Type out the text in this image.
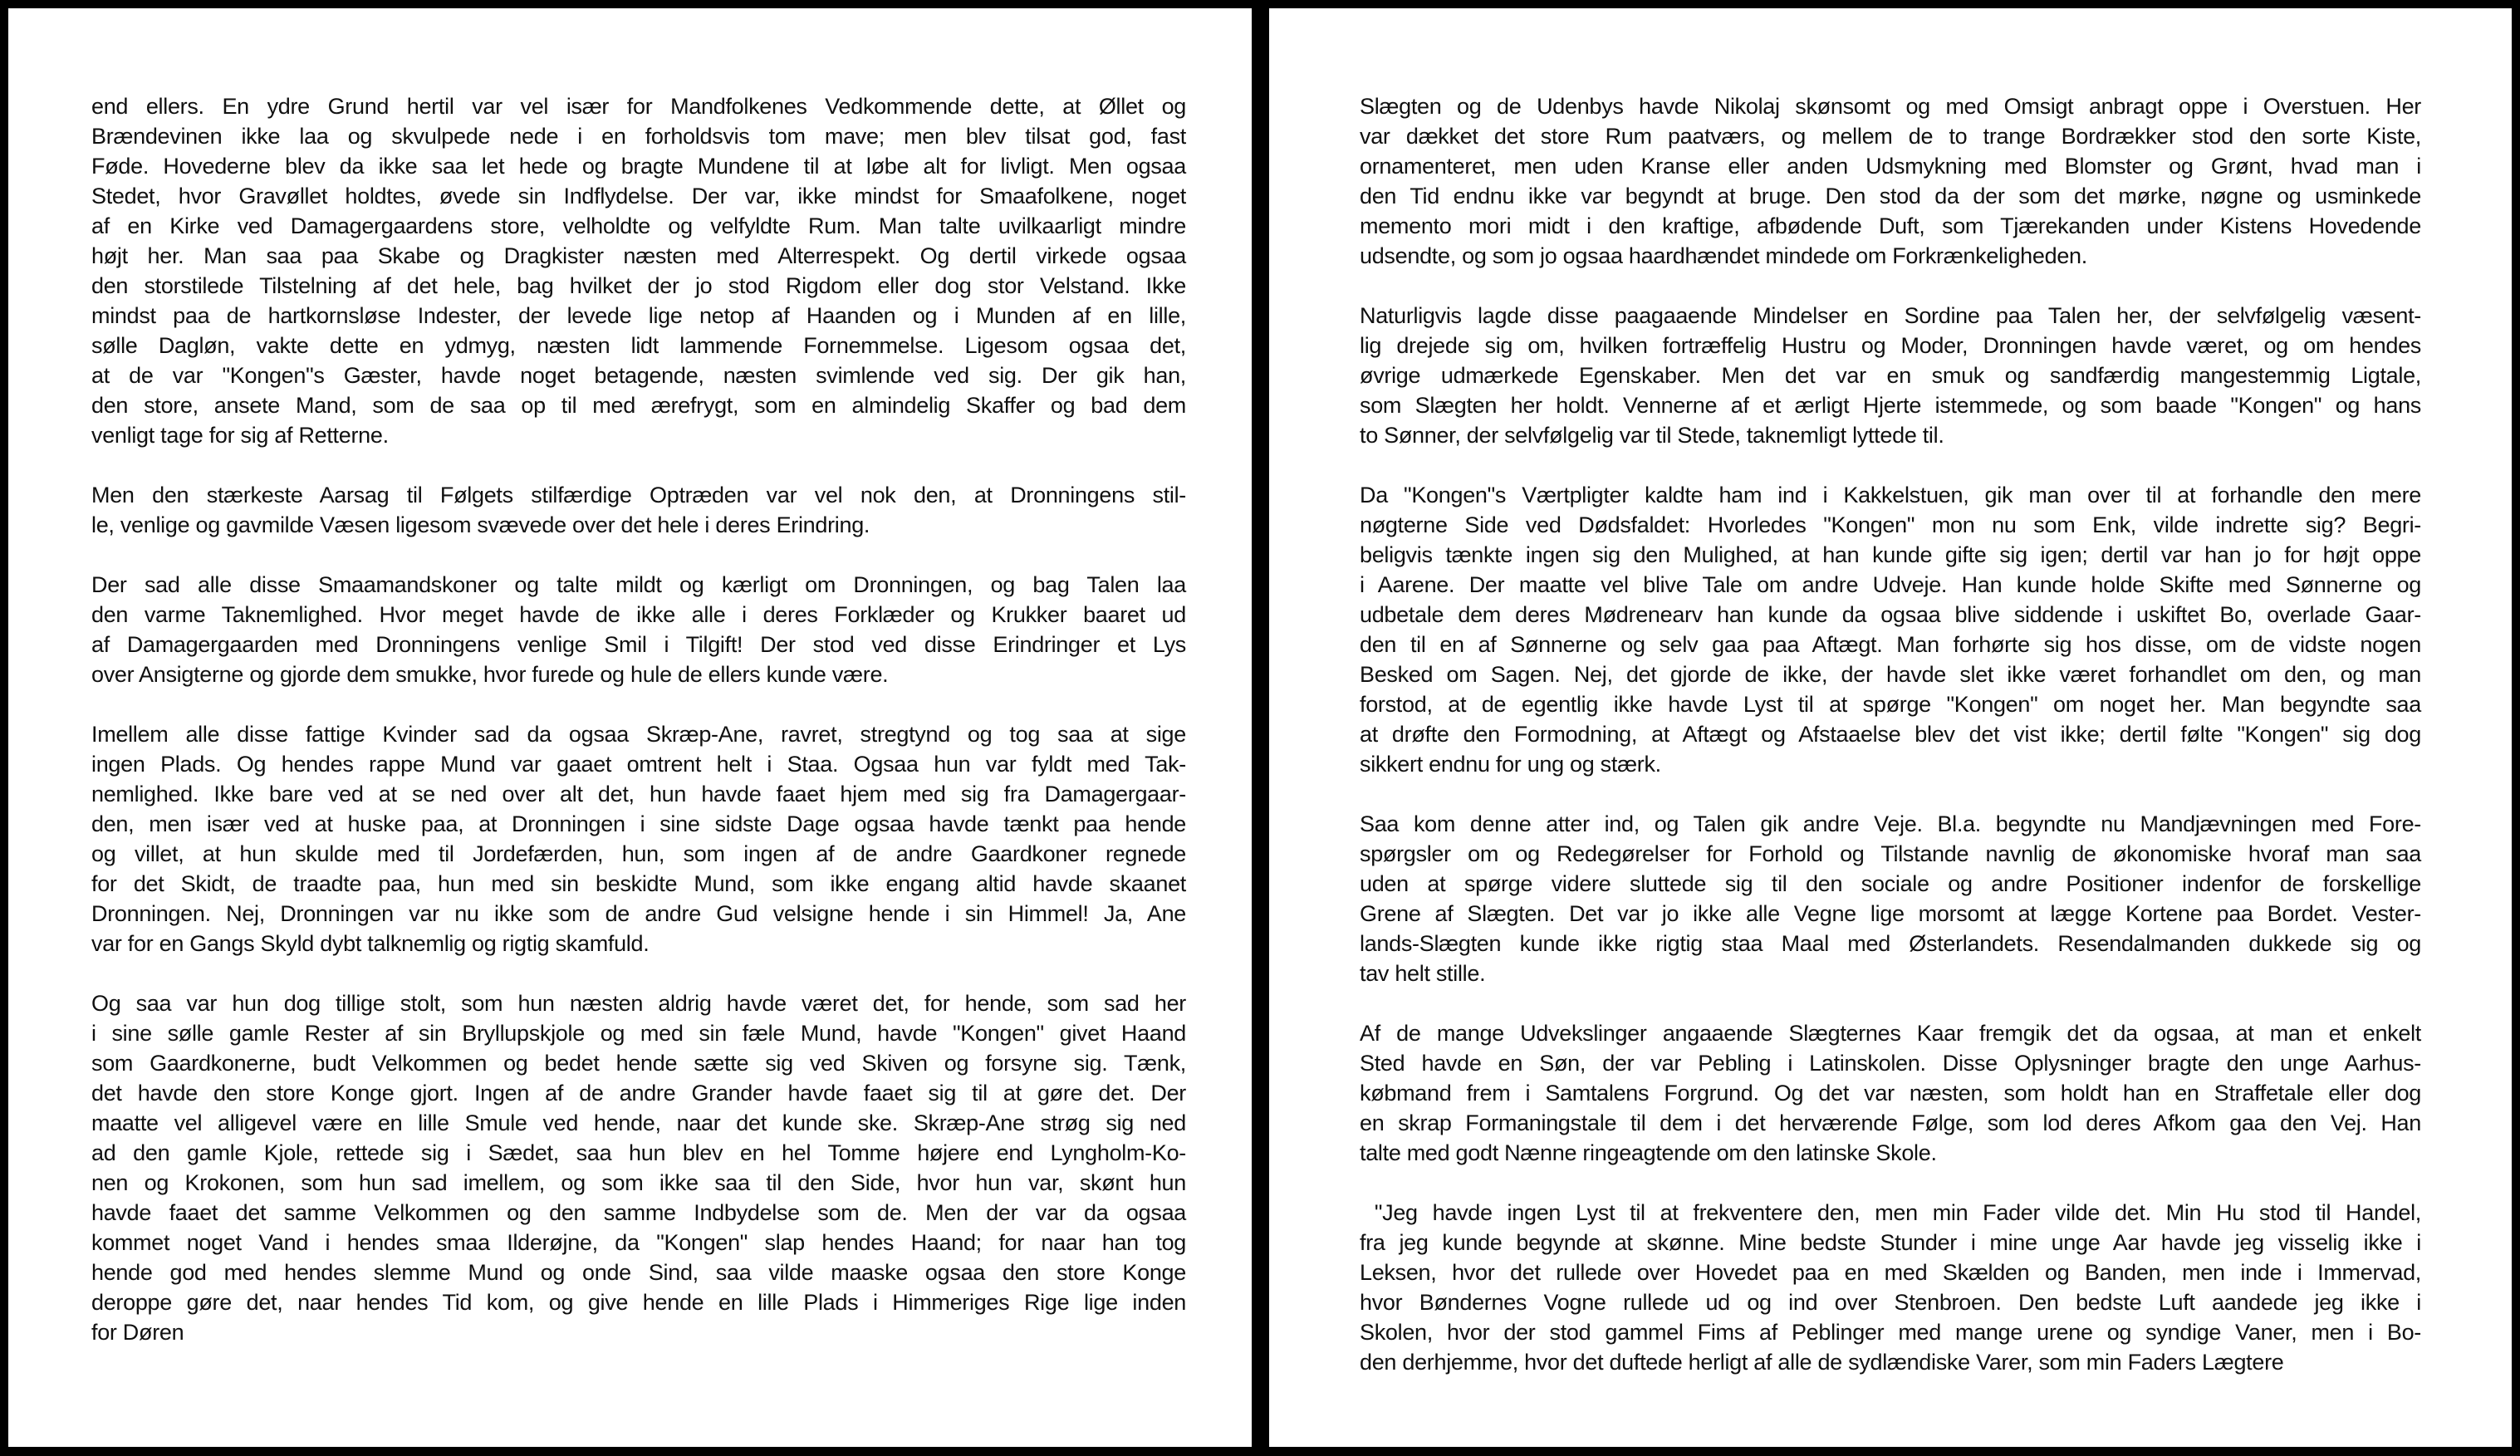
end ellers. En ydre Grund hertil var vel især for Mandfolkenes Vedkommende dette, at Øllet og
Brændevinen ikke laa og skvulpede nede i en forholdsvis tom mave; men blev tilsat god, fast
Føde. Hovederne blev da ikke saa let hede og bragte Mundene til at løbe alt for livligt. Men ogsaa
Stedet, hvor Gravøllet holdtes, øvede sin Indflydelse. Der var, ikke mindst for Smaafolkene, noget
af en Kirke ved Damagergaardens store, velholdte og velfyldte Rum. Man talte uvilkaarligt mindre
højt her. Man saa paa Skabe og Dragkister næsten med Alterrespekt. Og dertil virkede ogsaa
den storstilede Tilstelning af det hele, bag hvilket der jo stod Rigdom eller dog stor Velstand. Ikke
mindst paa de hartkornsløse Indester, der levede lige netop af Haanden og i Munden af en lille,
sølle Dagløn, vakte dette en ydmyg, næsten lidt lammende Fornemmelse. Ligesom ogsaa det,
at de var "Kongen"s Gæster, havde noget betagende, næsten svimlende ved sig. Der gik han,
den store, ansete Mand, som de saa op til med ærefrygt, som en almindelig Skaffer og bad dem
venligt tage for sig af Retterne.
Men den stærkeste Aarsag til Følgets stilfærdige Optræden var vel nok den, at Dronningens stil-
le, venlige og gavmilde Væsen ligesom svævede over det hele i deres Erindring.
Der sad alle disse Smaamandskoner og talte mildt og kærligt om Dronningen, og bag Talen laa
den varme Taknemlighed. Hvor meget havde de ikke alle i deres Forklæder og Krukker baaret ud
af Damagergaarden med Dronningens venlige Smil i Tilgift! Der stod ved disse Erindringer et Lys
over Ansigterne og gjorde dem smukke, hvor furede og hule de ellers kunde være.
Imellem alle disse fattige Kvinder sad da ogsaa Skræp-Ane, ravret, stregtynd og tog saa at sige
ingen Plads. Og hendes rappe Mund var gaaet omtrent helt i Staa. Ogsaa hun var fyldt med Tak-
nemlighed. Ikke bare ved at se ned over alt det, hun havde faaet hjem med sig fra Damagergaar-
den, men især ved at huske paa, at Dronningen i sine sidste Dage ogsaa havde tænkt paa hende
og villet, at hun skulde med til Jordefærden, hun, som ingen af de andre Gaardkoner regnede
for det Skidt, de traadte paa, hun med sin beskidte Mund, som ikke engang altid havde skaanet
Dronningen. Nej, Dronningen var nu ikke som de andre Gud velsigne hende i sin Himmel! Ja, Ane
var for en Gangs Skyld dybt talknemlig og rigtig skamfuld.
Og saa var hun dog tillige stolt, som hun næsten aldrig havde været det, for hende, som sad her
i sine sølle gamle Rester af sin Bryllupskjole og med sin fæle Mund, havde "Kongen" givet Haand
som Gaardkonerne, budt Velkommen og bedet hende sætte sig ved Skiven og forsyne sig. Tænk,
det havde den store Konge gjort. Ingen af de andre Grander havde faaet sig til at gøre det. Der
maatte vel alligevel være en lille Smule ved hende, naar det kunde ske. Skræp-Ane strøg sig ned
ad den gamle Kjole, rettede sig i Sædet, saa hun blev en hel Tomme højere end Lyngholm-Ko-
nen og Krokonen, som hun sad imellem, og som ikke saa til den Side, hvor hun var, skønt hun
havde faaet det samme Velkommen og den samme Indbydelse som de. Men der var da ogsaa
kommet noget Vand i hendes smaa Ilderøjne, da "Kongen" slap hendes Haand; for naar han tog
hende god med hendes slemme Mund og onde Sind, saa vilde maaske ogsaa den store Konge
deroppe gøre det, naar hendes Tid kom, og give hende en lille Plads i Himmeriges Rige lige inden
for Døren
Slægten og de Udenbys havde Nikolaj skønsomt og med Omsigt anbragt oppe i Overstuen. Her
var dækket det store Rum paatværs, og mellem de to trange Bordrækker stod den sorte Kiste,
ornamenteret, men uden Kranse eller anden Udsmykning med Blomster og Grønt, hvad man i
den Tid endnu ikke var begyndt at bruge. Den stod da der som det mørke, nøgne og usminkede
memento mori midt i den kraftige, afbødende Duft, som Tjærekanden under Kistens Hovedende
udsendte, og som jo ogsaa haardhændet mindede om Forkrænkeligheden.
Naturligvis lagde disse paagaaende Mindelser en Sordine paa Talen her, der selvfølgelig væsent-
lig drejede sig om, hvilken fortræffelig Hustru og Moder, Dronningen havde været, og om hendes
øvrige udmærkede Egenskaber. Men det var en smuk og sandfærdig mangestemmig Ligtale,
som Slægten her holdt. Vennerne af et ærligt Hjerte istemmede, og som baade "Kongen" og hans
to Sønner, der selvfølgelig var til Stede, taknemligt lyttede til.
Da "Kongen"s Værtpligter kaldte ham ind i Kakkelstuen, gik man over til at forhandle den mere
nøgterne Side ved Dødsfaldet: Hvorledes "Kongen" mon nu som Enk, vilde indrette sig? Begri-
beligvis tænkte ingen sig den Mulighed, at han kunde gifte sig igen; dertil var han jo for højt oppe
i Aarene. Der maatte vel blive Tale om andre Udveje. Han kunde holde Skifte med Sønnerne og
udbetale dem deres Mødrenearv han kunde da ogsaa blive siddende i uskiftet Bo, overlade Gaar-
den til en af Sønnerne og selv gaa paa Aftægt. Man forhørte sig hos disse, om de vidste nogen
Besked om Sagen. Nej, det gjorde de ikke, der havde slet ikke været forhandlet om den, og man
forstod, at de egentlig ikke havde Lyst til at spørge "Kongen" om noget her. Man begyndte saa
at drøfte den Formodning, at Aftægt og Afstaaelse blev det vist ikke; dertil følte "Kongen" sig dog
sikkert endnu for ung og stærk.
Saa kom denne atter ind, og Talen gik andre Veje. Bl.a. begyndte nu Mandjævningen med Fore-
spørgsler om og Redegørelser for Forhold og Tilstande navnlig de økonomiske hvoraf man saa
uden at spørge videre sluttede sig til den sociale og andre Positioner indenfor de forskellige
Grene af Slægten. Det var jo ikke alle Vegne lige morsomt at lægge Kortene paa Bordet. Vester-
lands-Slægten kunde ikke rigtig staa Maal med Østerlandets. Resendalmanden dukkede sig og
tav helt stille.
Af de mange Udvekslinger angaaende Slægternes Kaar fremgik det da ogsaa, at man et enkelt
Sted havde en Søn, der var Pebling i Latinskolen. Disse Oplysninger bragte den unge Aarhus-
købmand frem i Samtalens Forgrund. Og det var næsten, som holdt han en Straffetale eller dog
en skrap Formaningstale til dem i det herværende Følge, som lod deres Afkom gaa den Vej. Han
talte med godt Nænne ringeagtende om den latinske Skole.
"Jeg havde ingen Lyst til at frekventere den, men min Fader vilde det. Min Hu stod til Handel,
fra jeg kunde begynde at skønne. Mine bedste Stunder i mine unge Aar havde jeg visselig ikke i
Leksen, hvor det rullede over Hovedet paa en med Skælden og Banden, men inde i Immervad,
hvor Bøndernes Vogne rullede ud og ind over Stenbroen. Den bedste Luft aandede jeg ikke i
Skolen, hvor der stod gammel Fims af Peblinger med mange urene og syndige Vaner, men i Bo-
den derhjemme, hvor det duftede herligt af alle de sydlændiske Varer, som min Faders Lægtere
